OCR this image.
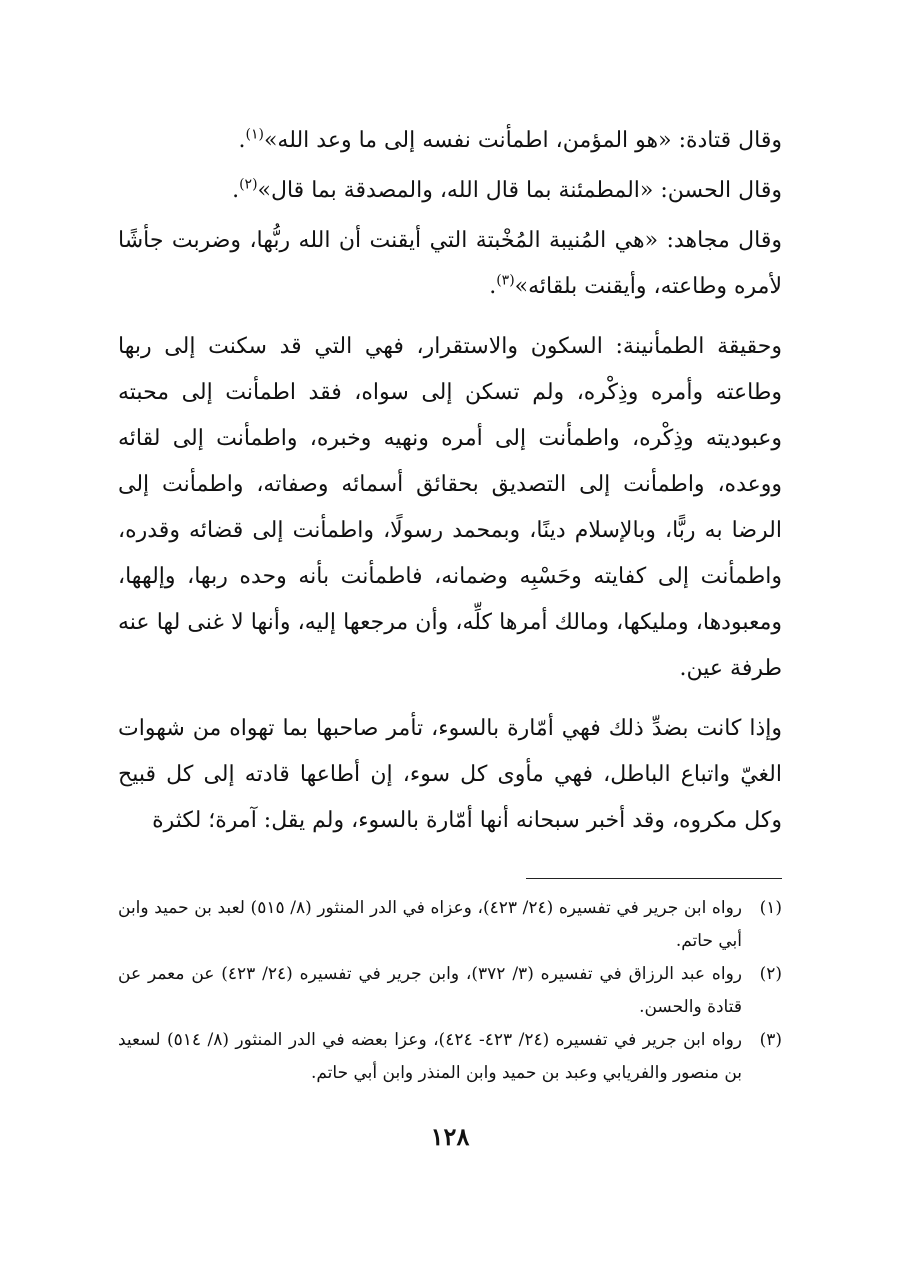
وقال قتادة: «هو المؤمن، اطمأنت نفسه إلى ما وعد الله»$^{(١)}$.

وقال الحسن: «المطمئنة بما قال الله، والمصدقة بما قال»$^{(٢)}$.

وقال مجاهد: «هي المُنيبة المُخْبتة التي أيقنت أن الله ربُّها، وضربت جأشًا لأمره وطاعته، وأيقنت بلقائه»$^{(٣)}$.

وحقيقة الطمأنينة: السكون والاستقرار، فهي التي قد سكنت إلى ربها وطاعته وأمره وذِكْره، ولم تسكن إلى سواه، فقد اطمأنت إلى محبته وعبوديته وذِكْره، واطمأنت إلى أمره ونهيه وخبره، واطمأنت إلى لقائه ووعده، واطمأنت إلى التصديق بحقائق أسمائه وصفاته، واطمأنت إلى الرضا به ربًّا، وبالإسلام دينًا، وبمحمد رسولًا، واطمأنت إلى قضائه وقدره، واطمأنت إلى كفايته وحَسْبِه وضمانه، فاطمأنت بأنه وحده ربها، وإلهها، ومعبودها، ومليكها، ومالك أمرها كلِّه، وأن مرجعها إليه، وأنها لا غنى لها عنه طرفة عين.

وإذا كانت بضدِّ ذلك فهي أمّارة بالسوء، تأمر صاحبها بما تهواه من شهوات الغيّ واتباع الباطل، فهي مأوى كل سوء، إن أطاعها قادته إلى كل قبيح وكل مكروه، وقد أخبر سبحانه أنها أمّارة بالسوء، ولم يقل: آمرة؛ لكثرة

(١)
رواه ابن جرير في تفسيره (٢٤/ ٤٢٣)، وعزاه في الدر المنثور (٨/ ٥١٥) لعبد بن حميد وابن أبي حاتم.
(٢)
رواه عبد الرزاق في تفسيره (٣/ ٣٧٢)، وابن جرير في تفسيره (٢٤/ ٤٢٣) عن معمر عن قتادة والحسن.
(٣)
رواه ابن جرير في تفسيره (٢٤/ ٤٢٣- ٤٢٤)، وعزا بعضه في الدر المنثور (٨/ ٥١٤) لسعيد بن منصور والفريابي وعبد بن حميد وابن المنذر وابن أبي حاتم.
١٢٨
